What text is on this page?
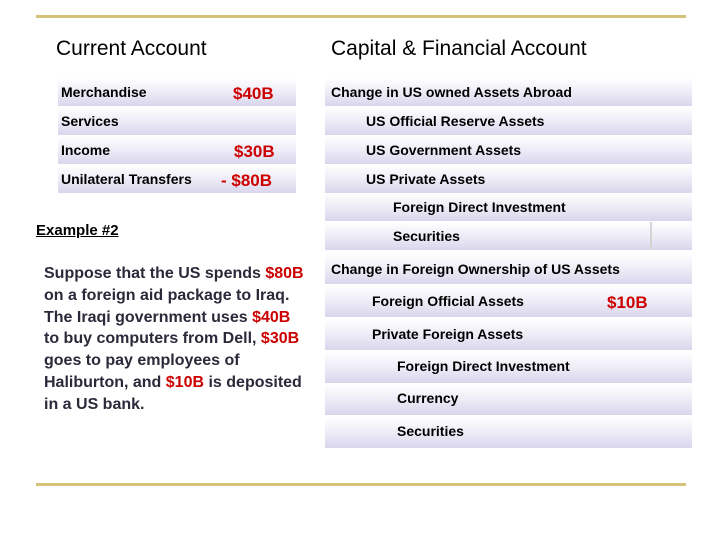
Current Account	Capital & Financial Account
Merchandise	$40B
Services
Income	$30B
Unilateral Transfers - $80B
Change in US owned Assets Abroad
US Official Reserve Assets
US Government Assets
US Private Assets
Foreign Direct Investment
Securities
Change in Foreign Ownership of US Assets
Foreign Official Assets	$10B
Private Foreign Assets
Foreign Direct Investment
Currency
Securities
Example #2

Suppose that the US spends $80B on a foreign aid package to Iraq. The Iraqi government uses $40B to buy computers from Dell, $30B goes to pay employees of Haliburton, and $10B is deposited in a US bank.
